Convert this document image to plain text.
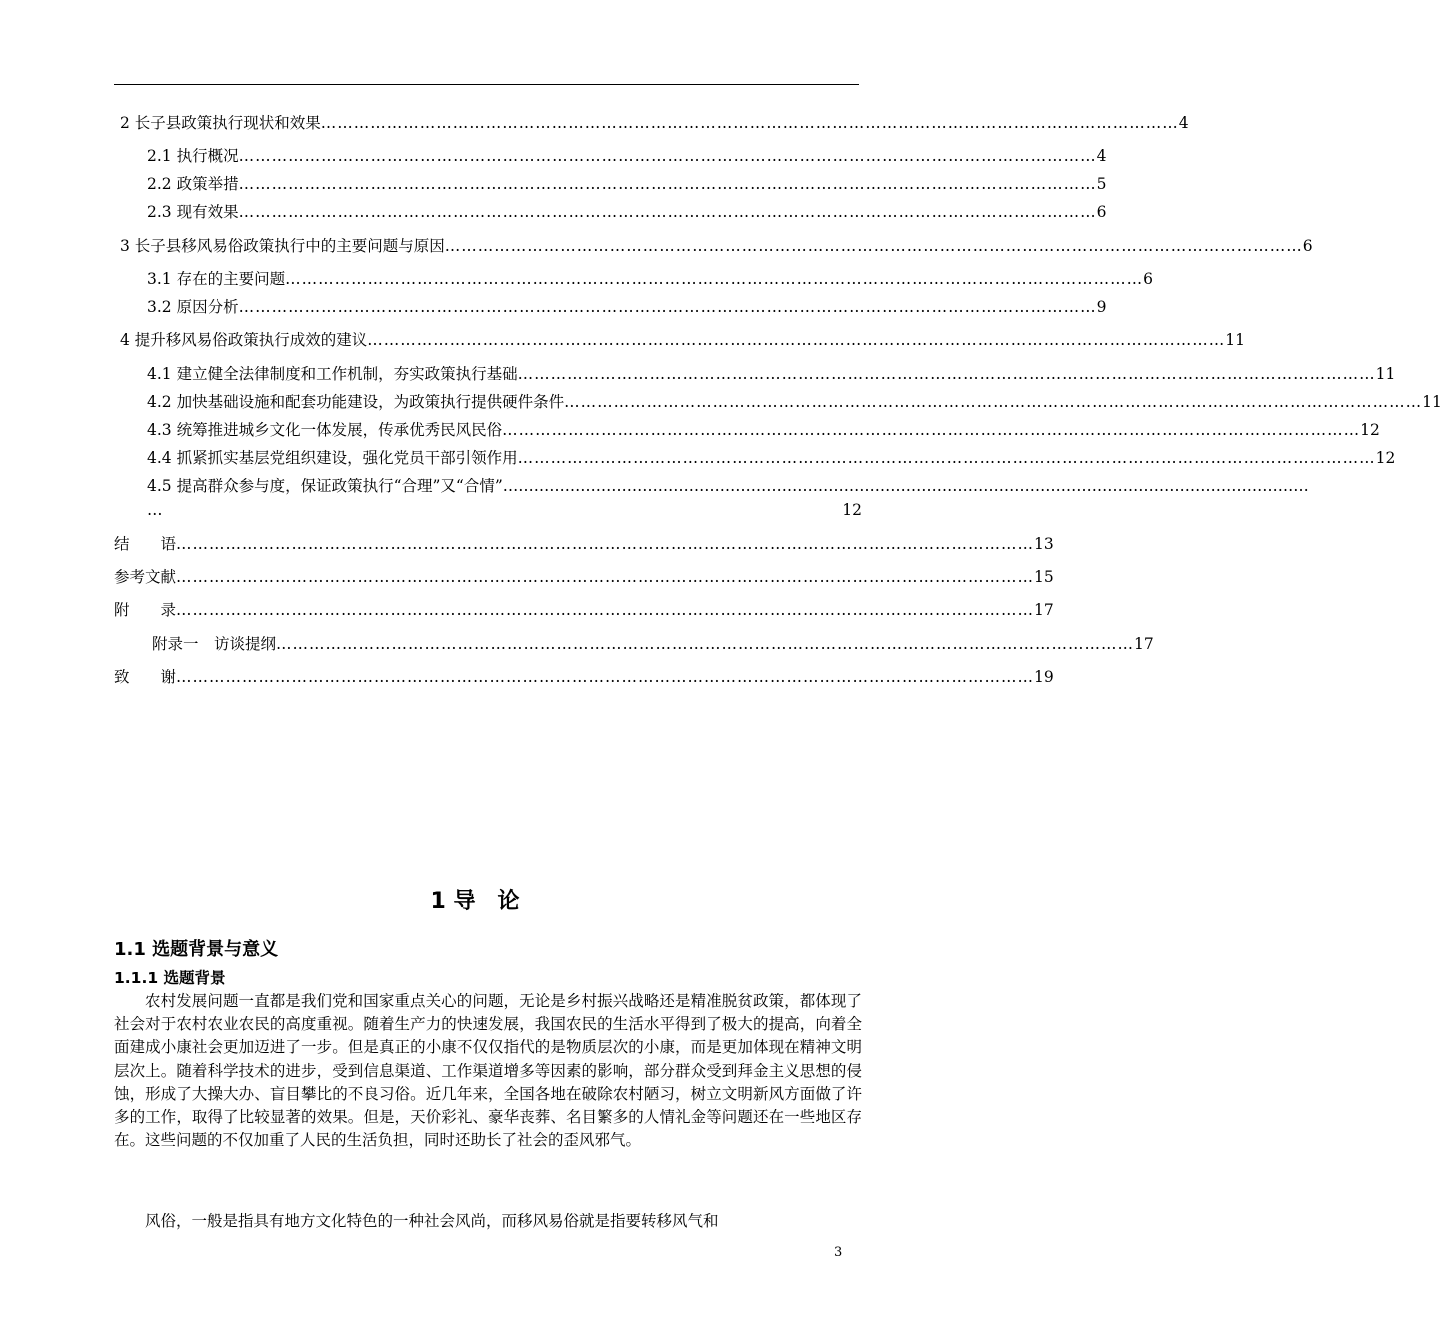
2 长子县政策执行现状和效果 ………………………………………………………………………………………………………………………………………… 4
2.1 执行概况 ………………………………………………………………………………………………………………………………………… 4
2.2 政策举措 ………………………………………………………………………………………………………………………………………… 5
2.3 现有效果 ………………………………………………………………………………………………………………………………………… 6
3 长子县移风易俗政策执行中的主要问题与原因 ………………………………………………………………………………………………………………………………………… 6
3.1 存在的主要问题 ………………………………………………………………………………………………………………………………………… 6
3.2 原因分析 ………………………………………………………………………………………………………………………………………… 9
4 提升移风易俗政策执行成效的建议 ………………………………………………………………………………………………………………………………………… 11
4.1 建立健全法律制度和工作机制，夯实政策执行基础 ………………………………………………………………………………………………………………………………………… 11
4.2 加快基础设施和配套功能建设，为政策执行提供硬件条件 ………………………………………………………………………………………………………………………………………… 11
4.3 统筹推进城乡文化一体发展，传承优秀民风民俗 ………………………………………………………………………………………………………………………………………… 12
4.4 抓紧抓实基层党组织建设，强化党员干部引领作用 ………………………………………………………………………………………………………………………………………… 12
4.5 提高群众参与度，保证政策执行“合理”又“合情”…………………………………………………………………………………………………………………………………………
…	12
结　　语 ………………………………………………………………………………………………………………………………………… 13
参考文献 ………………………………………………………………………………………………………………………………………… 15
附　　录 ………………………………………………………………………………………………………………………………………… 17
附录一　访谈提纲 ………………………………………………………………………………………………………………………………………… 17
致　　谢 ………………………………………………………………………………………………………………………………………… 19
1 导　论
1.1 选题背景与意义
1.1.1 选题背景

农村发展问题一直都是我们党和国家重点关心的问题，无论是乡村振兴战略还是精准脱贫政策，都体现了社会对于农村农业农民的高度重视。随着生产力的快速发展，我国农民的生活水平得到了极大的提高，向着全面建成小康社会更加迈进了一步。但是真正的小康不仅仅指代的是物质层次的小康，而是更加体现在精神文明层次上。随着科学技术的进步，受到信息渠道、工作渠道增多等因素的影响，部分群众受到拜金主义思想的侵蚀，形成了大操大办、盲目攀比的不良习俗。近几年来，全国各地在破除农村陋习，树立文明新风方面做了许多的工作，取得了比较显著的效果。但是，天价彩礼、豪华丧葬、名目繁多的人情礼金等问题还在一些地区存在。这些问题的不仅加重了人民的生活负担，同时还助长了社会的歪风邪气。

风俗，一般是指具有地方文化特色的一种社会风尚，而移风易俗就是指要转移风气和

3
